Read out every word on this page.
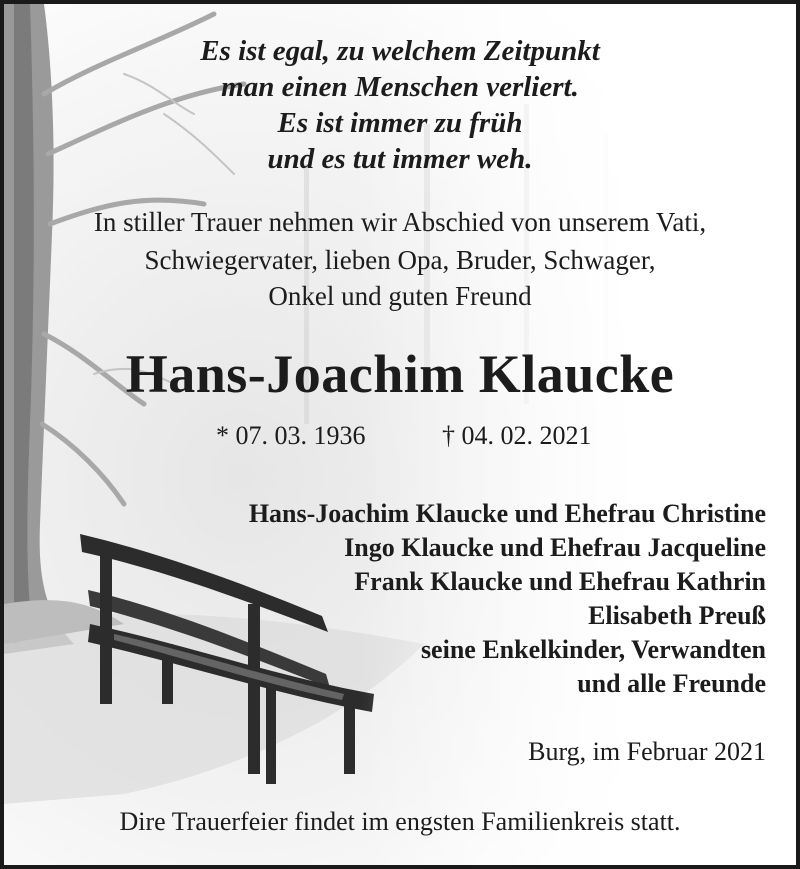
Es ist egal, zu welchem Zeitpunkt
man einen Menschen verliert.
Es ist immer zu früh
und es tut immer weh.
In stiller Trauer nehmen wir Abschied von unserem Vati,
Schwiegervater, lieben Opa, Bruder, Schwager,
Onkel und guten Freund
Hans-Joachim Klaucke
* 07. 03. 1936	† 04. 02. 2021
Hans-Joachim Klaucke und Ehefrau Christine
Ingo Klaucke und Ehefrau Jacqueline
Frank Klaucke und Ehefrau Kathrin
Elisabeth Preuß
seine Enkelkinder, Verwandten
und alle Freunde
Burg, im Februar 2021
Dire Trauerfeier findet im engsten Familienkreis statt.
